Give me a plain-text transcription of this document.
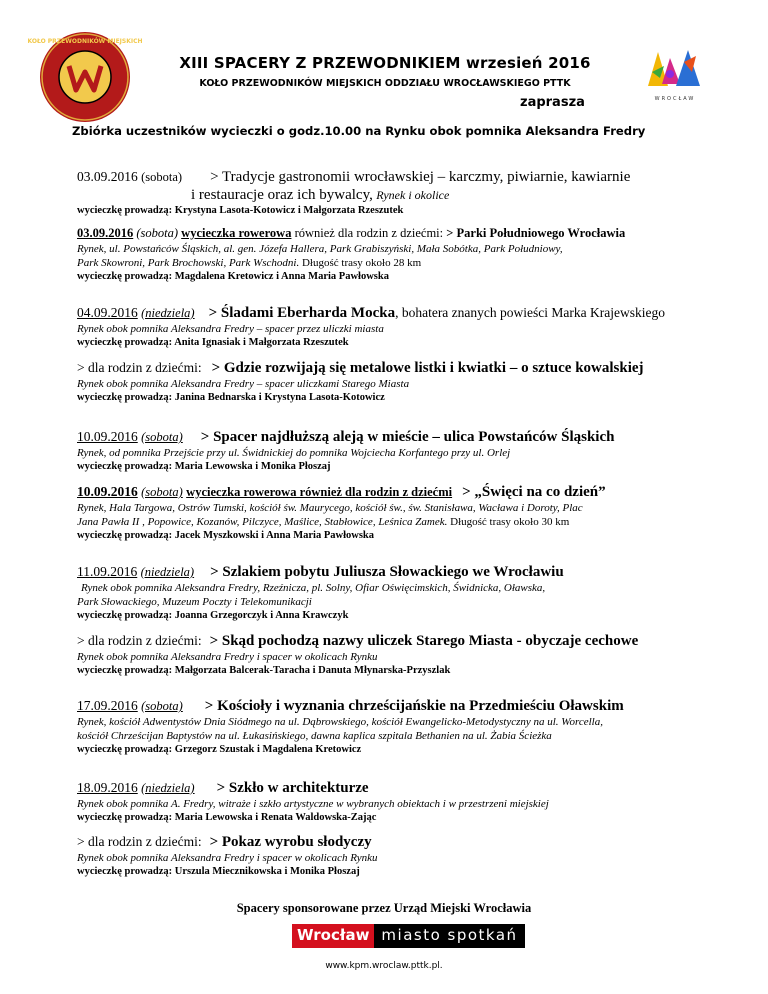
KOŁO PRZEWODNIKÓW MIEJSKICH
WROCŁAW
XIII SPACERY Z PRZEWODNIKIEM wrzesień 2016
KOŁO PRZEWODNIKÓW MIEJSKICH ODDZIAŁU WROCŁAWSKIEGO PTTK
zaprasza
Zbiórka uczestników wycieczki o godz.10.00 na Rynku obok pomnika Aleksandra Fredry
03.09.2016 (sobota) > Tradycje gastronomii wrocławskiej – karczmy, piwiarnie, kawiarnie
i restauracje oraz ich bywalcy, Rynek i okolice
wycieczkę prowadzą: Krystyna Lasota-Kotowicz i Małgorzata Rzeszutek
03.09.2016 (sobota) wycieczka rowerowa również dla rodzin z dziećmi: > Parki Południowego Wrocławia
Rynek, ul. Powstańców Śląskich, al. gen. Józefa Hallera, Park Grabiszyński, Mała Sobótka, Park Południowy,
Park Skowroni, Park Brochowski, Park Wschodni. Długość trasy około 28 km
wycieczkę prowadzą: Magdalena Kretowicz i Anna Maria Pawłowska
04.09.2016 (niedziela) > Śladami Eberharda Mocka, bohatera znanych powieści Marka Krajewskiego
Rynek obok pomnika Aleksandra Fredry – spacer przez uliczki miasta
wycieczkę prowadzą: Anita Ignasiak i Małgorzata Rzeszutek
> dla rodzin z dziećmi: > Gdzie rozwijają się metalowe listki i kwiatki – o sztuce kowalskiej
Rynek obok pomnika Aleksandra Fredry – spacer uliczkami Starego Miasta
wycieczkę prowadzą: Janina Bednarska i Krystyna Lasota-Kotowicz
10.09.2016 (sobota) > Spacer najdłuższą aleją w mieście – ulica Powstańców Śląskich
Rynek, od pomnika Przejście przy ul. Świdnickiej do pomnika Wojciecha Korfantego przy ul. Orlej
wycieczkę prowadzą: Maria Lewowska i Monika Płoszaj
10.09.2016 (sobota) wycieczka rowerowa również dla rodzin z dziećmi > „Święci na co dzień”
Rynek, Hala Targowa, Ostrów Tumski, kościół św. Maurycego, kościół św., św. Stanisława, Wacława i Doroty, Plac
Jana Pawła II , Popowice, Kozanów, Pilczyce, Maślice, Stabłowice, Leśnica Zamek. Długość trasy około 30 km
wycieczkę prowadzą: Jacek Myszkowski i Anna Maria Pawłowska
11.09.2016 (niedziela) > Szlakiem pobytu Juliusza Słowackiego we Wrocławiu
Rynek obok pomnika Aleksandra Fredry, Rzeźnicza, pl. Solny, Ofiar Oświęcimskich, Świdnicka, Oławska,
Park Słowackiego, Muzeum Poczty i Telekomunikacji
wycieczkę prowadzą: Joanna Grzegorczyk i Anna Krawczyk
> dla rodzin z dziećmi: > Skąd pochodzą nazwy uliczek Starego Miasta - obyczaje cechowe
Rynek obok pomnika Aleksandra Fredry i spacer w okolicach Rynku
wycieczkę prowadzą: Małgorzata Balcerak-Taracha i Danuta Młynarska-Przyszlak
17.09.2016 (sobota) > Kościoły i wyznania chrześcijańskie na Przedmieściu Oławskim
Rynek, kościół Adwentystów Dnia Siódmego na ul. Dąbrowskiego, kościół Ewangelicko-Metodystyczny na ul. Worcella,
kościół Chrześcijan Baptystów na ul. Łukasińskiego, dawna kaplica szpitala Bethanien na ul. Żabia Ścieżka
wycieczkę prowadzą: Grzegorz Szustak i Magdalena Kretowicz
18.09.2016 (niedziela) > Szkło w architekturze
Rynek obok pomnika A. Fredry, witraże i szkło artystyczne w wybranych obiektach i w przestrzeni miejskiej
wycieczkę prowadzą: Maria Lewowska i Renata Waldowska-Zając
> dla rodzin z dziećmi: > Pokaz wyrobu słodyczy
Rynek obok pomnika Aleksandra Fredry i spacer w okolicach Rynku
wycieczkę prowadzą: Urszula Miecznikowska i Monika Płoszaj
Spacery sponsorowane przez Urząd Miejski Wrocławia
Wrocław miasto spotkań
www.kpm.wroclaw.pttk.pl.
